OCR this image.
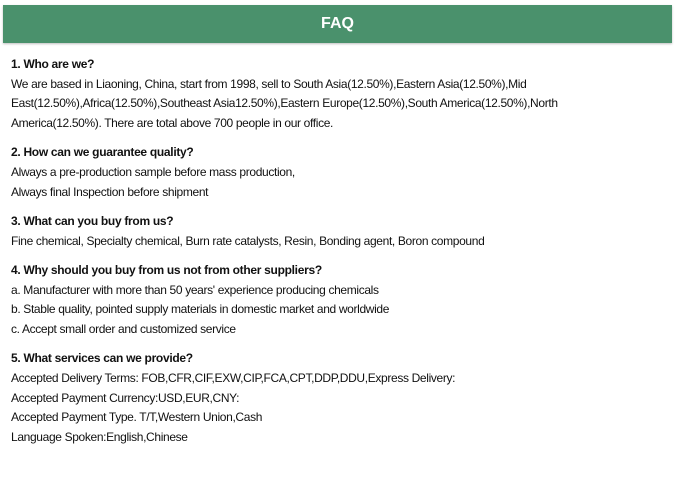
FAQ
1. Who are we?
We are based in Liaoning, China, start from 1998, sell to South Asia(12.50%),Eastern Asia(12.50%),Mid
East(12.50%),Africa(12.50%),Southeast Asia12.50%),Eastern Europe(12.50%),South America(12.50%),North
America(12.50%). There are total above 700 people in our office.
2. How can we guarantee quality?
Always a pre-production sample before mass production,
Always final Inspection before shipment
3. What can you buy from us?
Fine chemical, Specialty chemical, Burn rate catalysts, Resin, Bonding agent, Boron compound
4. Why should you buy from us not from other suppliers?
a. Manufacturer with more than 50 years' experience producing chemicals
b. Stable quality, pointed supply materials in domestic market and worldwide
c. Accept small order and customized service
5. What services can we provide?
Accepted Delivery Terms: FOB,CFR,CIF,EXW,CIP,FCA,CPT,DDP,DDU,Express Delivery:
Accepted Payment Currency:USD,EUR,CNY:
Accepted Payment Type. T/T,Western Union,Cash
Language Spoken:English,Chinese
